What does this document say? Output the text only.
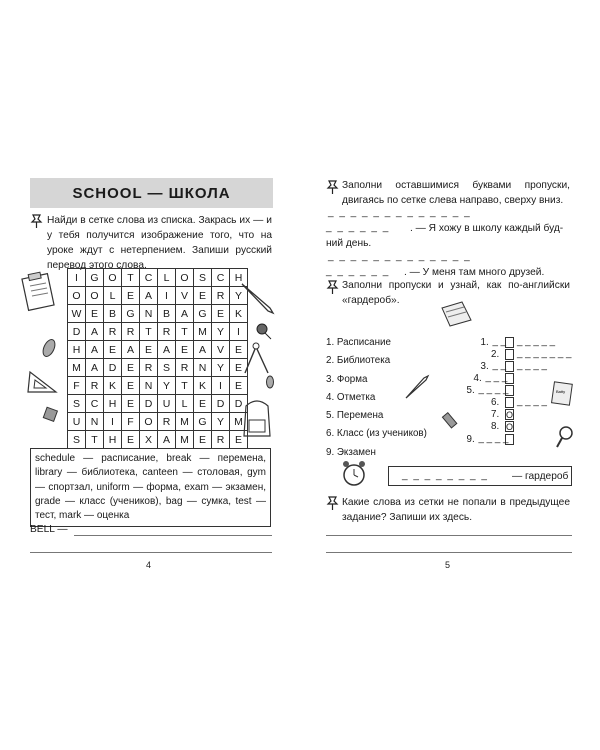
SCHOOL — ШКОЛА
Найди в сетке слова из списка. Закрась их — и у тебя получится изображение того, что на уроке ждут с нетерпением. Запиши русский перевод этого слова.
I	G	O	T	C	L	O	S	C	H
O	O	L	E	A	I	V	E	R	Y
W	E	B	G	N	B	A	G	E	K
D	A	R	R	T	R	T	M	Y	I
H	A	E	A	E	A	E	A	V	E
M	A	D	E	R	S	R	N	Y	E
F	R	K	E	N	Y	T	K	I	E
S	C	H	E	D	U	L	E	D	D
U	N	I	F	O	R	M	G	Y	M
S	T	H	E	X	A	M	E	R	E
schedule — расписание, break — перемена, library — библиотека, canteen — столовая, gym — спортзал, uniform — форма, exam — экзамен, grade — класс (учеников), bag — сумка, test — тест, mark — оценка
BELL —
4
Заполни оставшимися буквами пропуски, двигаясь по сетке слева направо, сверху вниз.
_ _ _ _ _ _ _ _ _ _ _ _ _
_ _ _ _ _ _ . — Я хожу в школу каждый буд-
ний день.
_ _ _ _ _ _ _ _ _ _ _ _ _
_ _ _ _ _ _ . — У меня там много друзей.
Заполни пропуски и узнай, как по-английски «гардероб».
Batty
1. Расписание
2. Библиотека
3. Форма
4. Отметка
5. Перемена
6. Класс (из учеников)
9. Экзамен
1. _ _ _ _ _ _ _
2. _ _ _ _ _ _ _
3. _ _ _ _ _ _
4. _ _ _
5. _ _ _ _
6. _ _ _ _
O
7.
O
8.
9. _ _ _ _
_ _ _ _ _ _ _ _ — гардероб
Какие слова из сетки не попали в предыдущее задание? Запиши их здесь.
5
